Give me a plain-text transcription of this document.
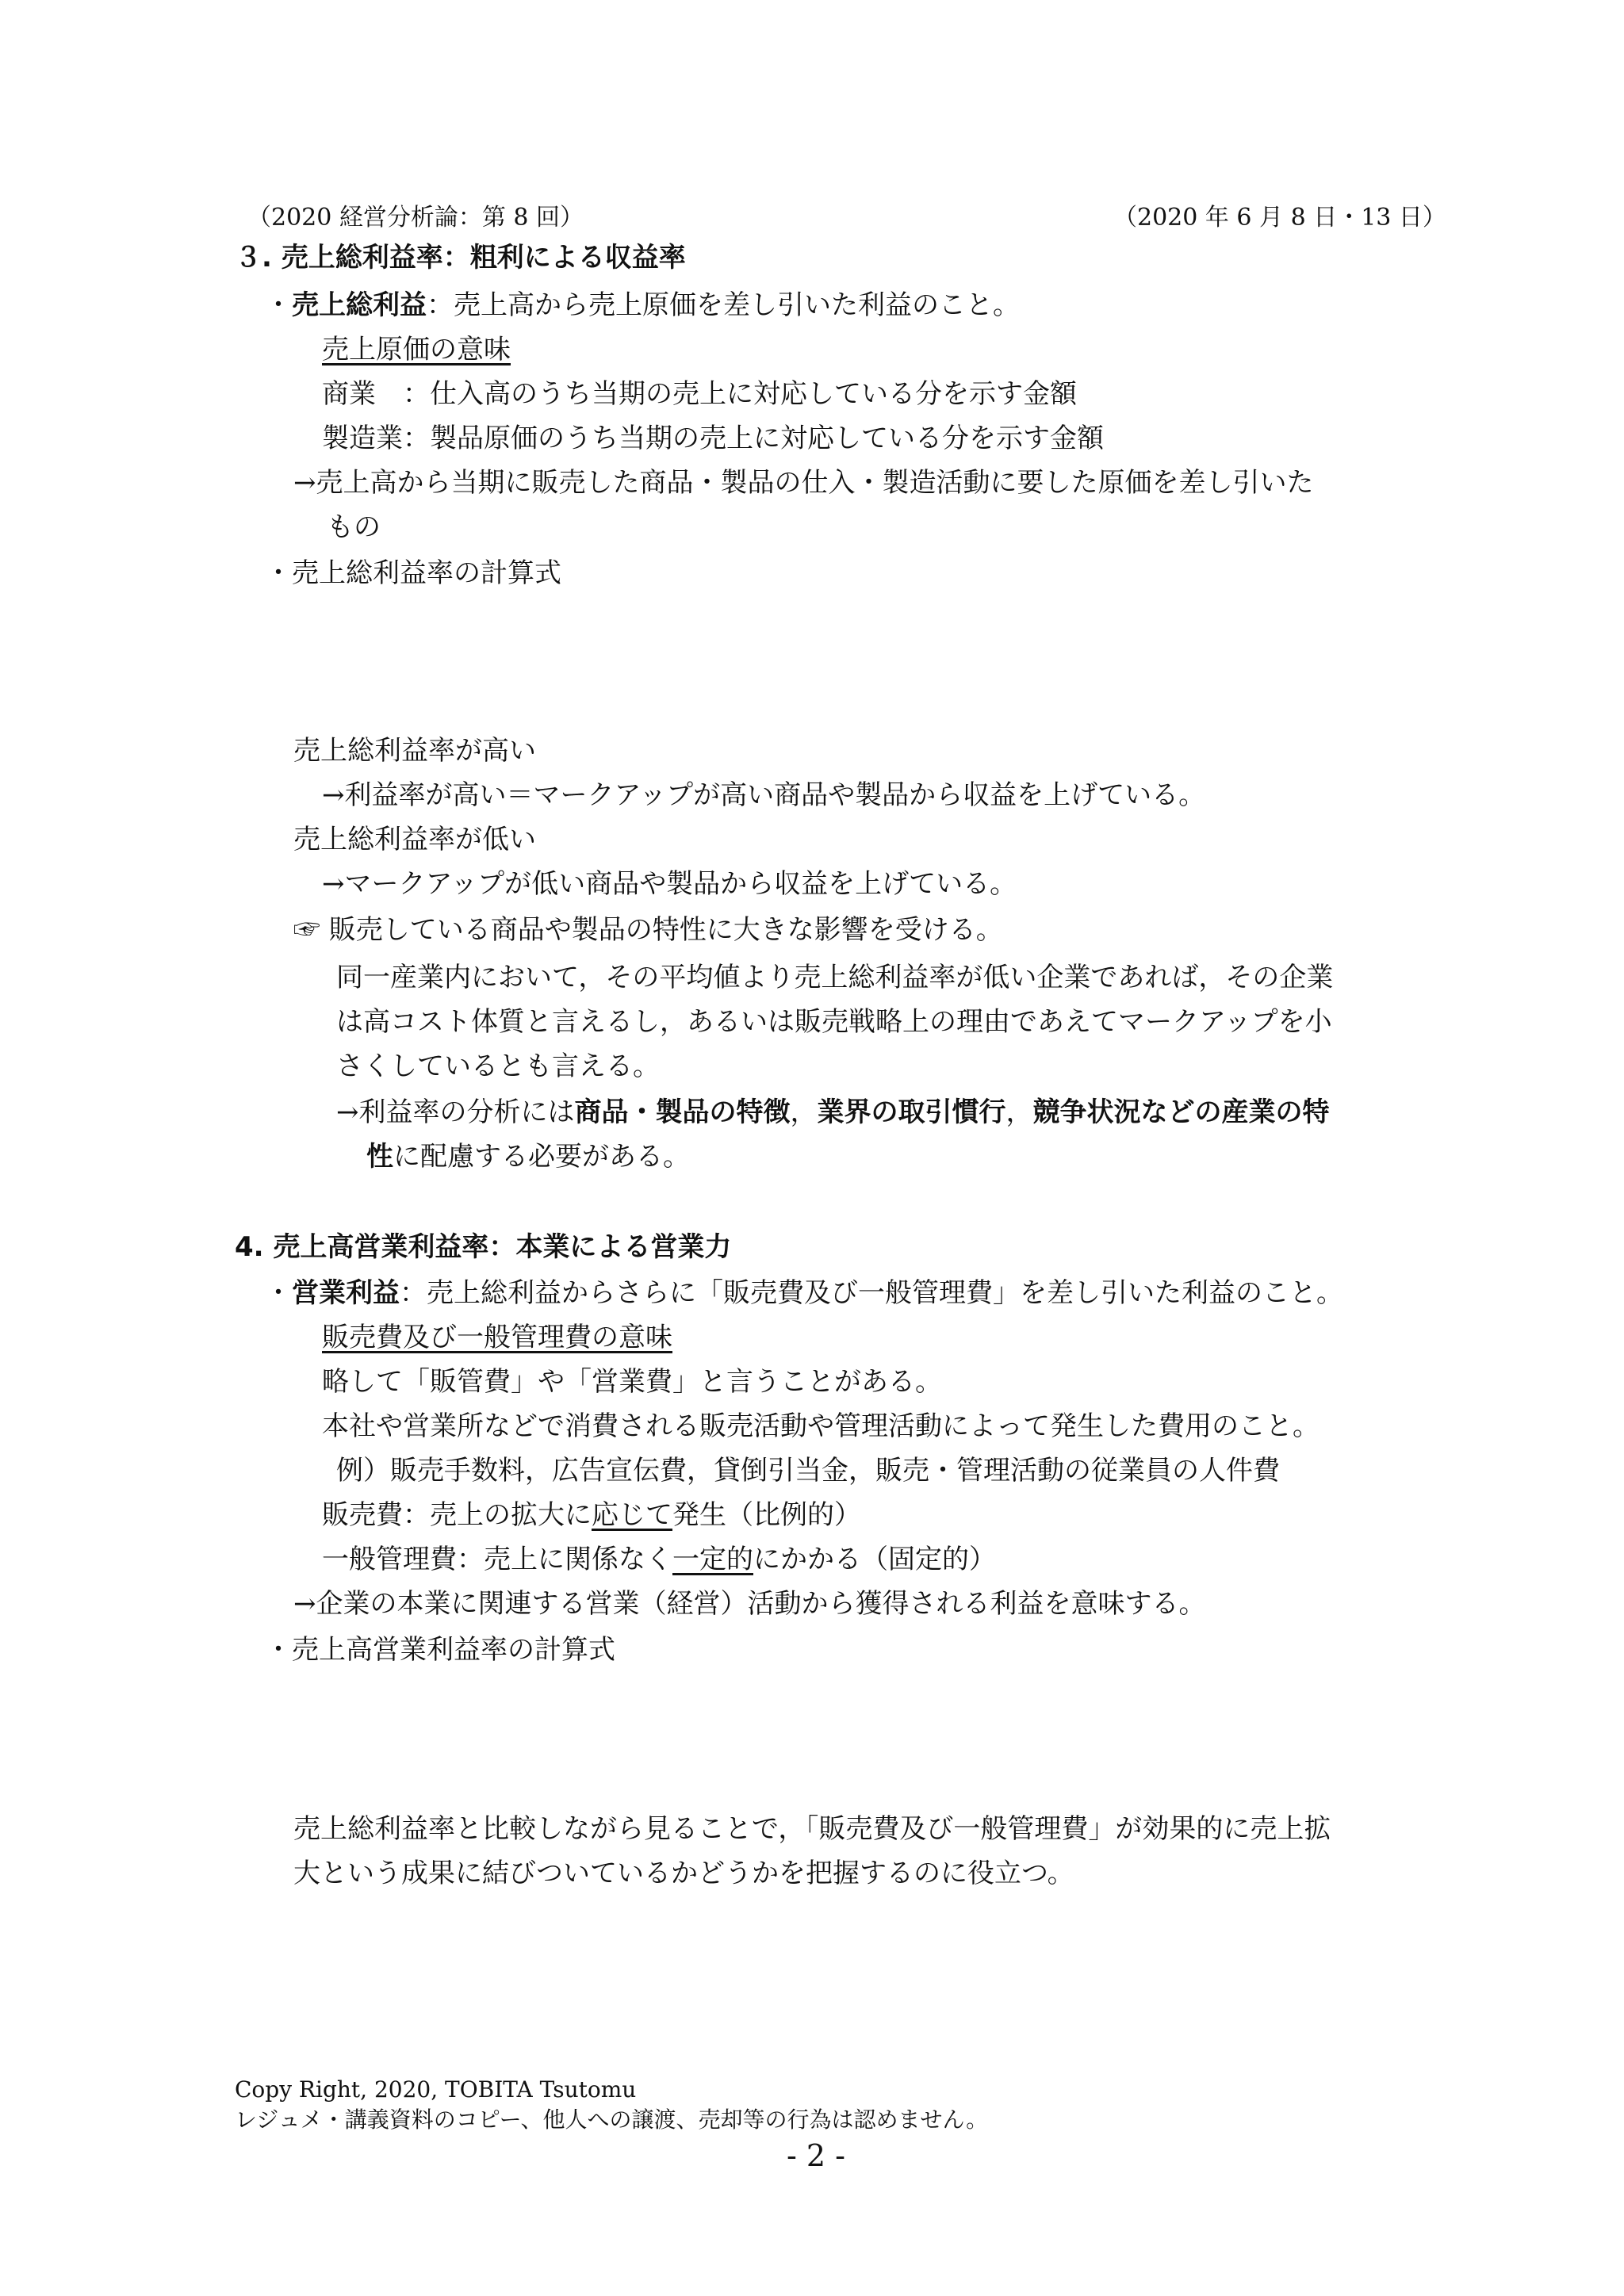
（2020 経営分析論：第 8 回）	（2020 年 6 月 8 日・13 日）
３. 売上総利益率：粗利による収益率
・売上総利益：売上高から売上原価を差し引いた利益のこと。
売上原価の意味
商業　：仕入高のうち当期の売上に対応している分を示す金額
製造業：製品原価のうち当期の売上に対応している分を示す金額
→売上高から当期に販売した商品・製品の仕入・製造活動に要した原価を差し引いた
もの
・売上総利益率の計算式
売上総利益率が高い
→利益率が高い＝マークアップが高い商品や製品から収益を上げている。
売上総利益率が低い
→マークアップが低い商品や製品から収益を上げている。
☞ 販売している商品や製品の特性に大きな影響を受ける。
同一産業内において，その平均値より売上総利益率が低い企業であれば，その企業
は高コスト体質と言えるし，あるいは販売戦略上の理由であえてマークアップを小
さくしているとも言える。
→利益率の分析には商品・製品の特徴，業界の取引慣行，競争状況などの産業の特
性に配慮する必要がある。
4. 売上高営業利益率：本業による営業力
・営業利益：売上総利益からさらに「販売費及び一般管理費」を差し引いた利益のこと。
販売費及び一般管理費の意味
略して「販管費」や「営業費」と言うことがある。
本社や営業所などで消費される販売活動や管理活動によって発生した費用のこと。
例）販売手数料，広告宣伝費，貸倒引当金，販売・管理活動の従業員の人件費
販売費：売上の拡大に応じて発生（比例的）
一般管理費：売上に関係なく一定的にかかる（固定的）
→企業の本業に関連する営業（経営）活動から獲得される利益を意味する。
・売上高営業利益率の計算式
売上総利益率と比較しながら見ることで，「販売費及び一般管理費」が効果的に売上拡
大という成果に結びついているかどうかを把握するのに役立つ。
Copy Right, 2020, TOBITA Tsutomu
レジュメ・講義資料のコピー、他人への譲渡、売却等の行為は認めません。
- 2 -
